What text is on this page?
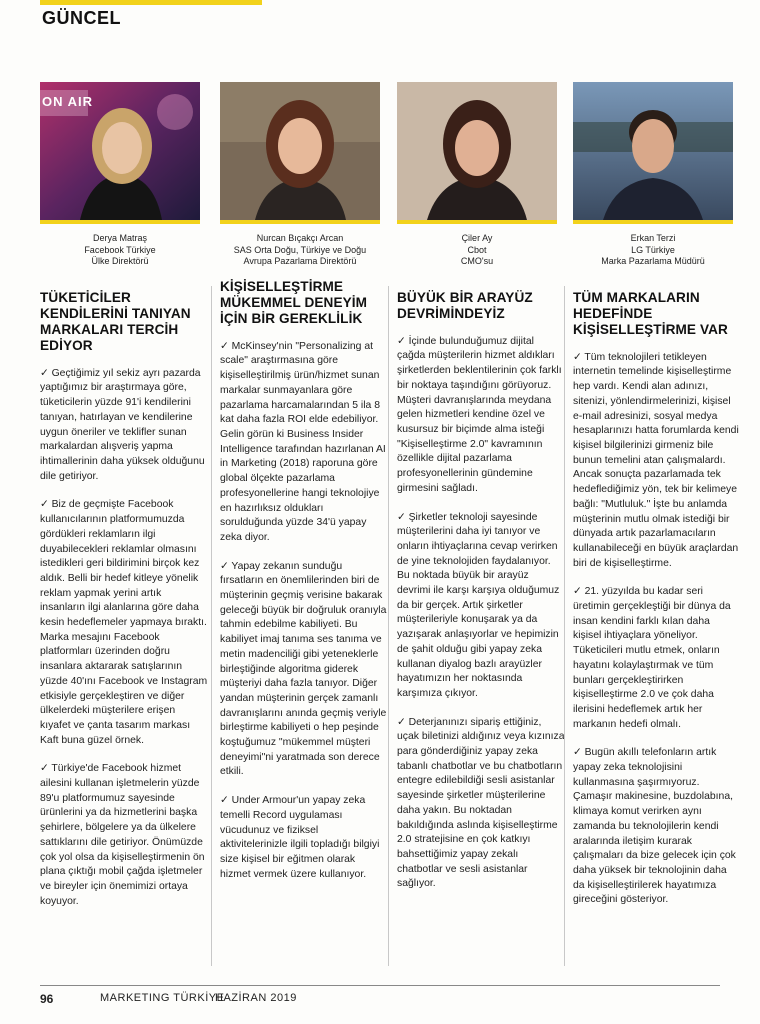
GÜNCEL
ON AIR
Derya Matraş
Facebook Türkiye
Ülke Direktörü
TÜKETİCİLER KENDİLERİNİ TANIYAN MARKALARI TERCİH EDİYOR

✓ Geçtiğimiz yıl sekiz ayrı pazarda yaptığımız bir araştırmaya göre, tüketicilerin yüzde 91'i kendilerini tanıyan, hatırlayan ve kendilerine uygun öneriler ve teklifler sunan markalardan alışveriş yapma ihtimallerinin daha yüksek olduğunu dile getiriyor.

✓ Biz de geçmişte Facebook kullanıcılarının platformumuzda gördükleri reklamların ilgi duyabilecekleri reklamlar olmasını istedikleri geri bildirimini birçok kez aldık. Belli bir hedef kitleye yönelik reklam yapmak yerini artık insanların ilgi alanlarına göre daha kesin hedeflemeler yapmaya bıraktı. Marka mesajını Facebook platformları üzerinden doğru insanlara aktararak satışlarının yüzde 40'ını Facebook ve Instagram etkisiyle gerçekleştiren ve diğer ülkelerdeki müşterilere erişen kıyafet ve çanta tasarım markası Kaft buna güzel örnek.

✓ Türkiye'de Facebook hizmet ailesini kullanan işletmelerin yüzde 89'u platformumuz sayesinde ürünlerini ya da hizmetlerini başka şehirlere, bölgelere ya da ülkelere sattıklarını dile getiriyor. Önümüzde çok yol olsa da kişiselleştirmenin ön plana çıktığı mobil çağda işletmeler ve bireyler için önemimizi ortaya koyuyor.

Nurcan Bıçakçı Arcan
SAS Orta Doğu, Türkiye ve Doğu
Avrupa Pazarlama Direktörü
KİŞİSELLEŞTİRME MÜKEMMEL DENEYİM İÇİN BİR GEREKLİLİK

✓ McKinsey'nin "Personalizing at scale" araştırmasına göre kişiselleştirilmiş ürün/hizmet sunan markalar sunmayanlara göre pazarlama harcamalarından 5 ila 8 kat daha fazla ROI elde edebiliyor. Gelin görün ki Business Insider Intelligence tarafından hazırlanan AI in Marketing (2018) raporuna göre global ölçekte pazarlama profesyonellerine hangi teknolojiye en hazırlıksız oldukları sorulduğunda yüzde 34'ü yapay zeka diyor.

✓ Yapay zekanın sunduğu fırsatların en önemlilerinden biri de müşterinin geçmiş verisine bakarak geleceği büyük bir doğruluk oranıyla tahmin edebilme kabiliyeti. Bu kabiliyet imaj tanıma ses tanıma ve metin madenciliği gibi yeteneklerle birleştiğinde algoritma giderek müşteriyi daha fazla tanıyor. Diğer yandan müşterinin gerçek zamanlı davranışlarını anında geçmiş veriyle birleştirme kabiliyeti o hep peşinde koştuğumuz "mükemmel müşteri deneyimi"ni yaratmada son derece etkili.

✓ Under Armour'un yapay zeka temelli Record uygulaması vücudunuz ve fiziksel aktivitelerinizle ilgili topladığı bilgiyi size kişisel bir eğitmen olarak hizmet vermek üzere kullanıyor.

Çiler Ay
Cbot
CMO'su
BÜYÜK BİR ARAYÜZ DEVRİMİNDEYİZ

✓ İçinde bulunduğumuz dijital çağda müşterilerin hizmet aldıkları şirketlerden beklentilerinin çok farklı bir noktaya taşındığını görüyoruz. Müşteri davranışlarında meydana gelen hizmetleri kendine özel ve kusursuz bir biçimde alma isteği "Kişiselleştirme 2.0" kavramının özellikle dijital pazarlama profesyonellerinin gündemine girmesini sağladı.

✓ Şirketler teknoloji sayesinde müşterilerini daha iyi tanıyor ve onların ihtiyaçlarına cevap verirken de yine teknolojiden faydalanıyor. Bu noktada büyük bir arayüz devrimi ile karşı karşıya olduğumuz da bir gerçek. Artık şirketler müşterileriyle konuşarak ya da yazışarak anlaşıyorlar ve hepimizin de şahit olduğu gibi yapay zeka kullanan diyalog bazlı arayüzler hayatımızın her noktasında karşımıza çıkıyor.

✓ Deterjanınızı sipariş ettiğiniz, uçak biletinizi aldığınız veya kızınıza para gönderdiğiniz yapay zeka tabanlı chatbotlar ve bu chatbotların entegre edilebildiği sesli asistanlar sayesinde şirketler müşterilerine daha yakın. Bu noktadan bakıldığında aslında kişiselleştirme 2.0 stratejisine en çok katkıyı bahsettiğimiz yapay zekalı chatbotlar ve sesli asistanlar sağlıyor.

Erkan Terzi
LG Türkiye
Marka Pazarlama Müdürü
TÜM MARKALARIN HEDEFİNDE KİŞİSELLEŞTİRME VAR

✓ Tüm teknolojileri tetikleyen internetin temelinde kişiselleştirme hep vardı. Kendi alan adınızı, sitenizi, yönlendirmelerinizi, kişisel e-mail adresinizi, sosyal medya hesaplarınızı hatta forumlarda kendi kişisel bilgilerinizi girmeniz bile bunun temelini atan çalışmalardı. Ancak sonuçta pazarlamada tek hedeflediğimiz yön, tek bir kelimeye bağlı: "Mutluluk." İşte bu anlamda müşterinin mutlu olmak istediği bir dünyada artık pazarlamacıların kullanabileceği en büyük araçlardan biri de kişiselleştirme.

✓ 21. yüzyılda bu kadar seri üretimin gerçekleştiği bir dünya da insan kendini farklı kılan daha kişisel ihtiyaçlara yöneliyor. Tüketicileri mutlu etmek, onların hayatını kolaylaştırmak ve tüm bunları gerçekleştirirken kişiselleştirme 2.0 ve çok daha ilerisini hedeflemek artık her markanın hedefi olmalı.

✓ Bugün akıllı telefonların artık yapay zeka teknolojisini kullanmasına şaşırmıyoruz. Çamaşır makinesine, buzdolabına, klimaya komut verirken aynı zamanda bu teknolojilerin kendi aralarında iletişim kurarak çalışmaları da bize gelecek için çok daha yüksek bir teknolojinin daha da kişiselleştirilerek hayatımıza gireceğini gösteriyor.

96	MARKETING TÜRKİYE
HAZİRAN 2019
